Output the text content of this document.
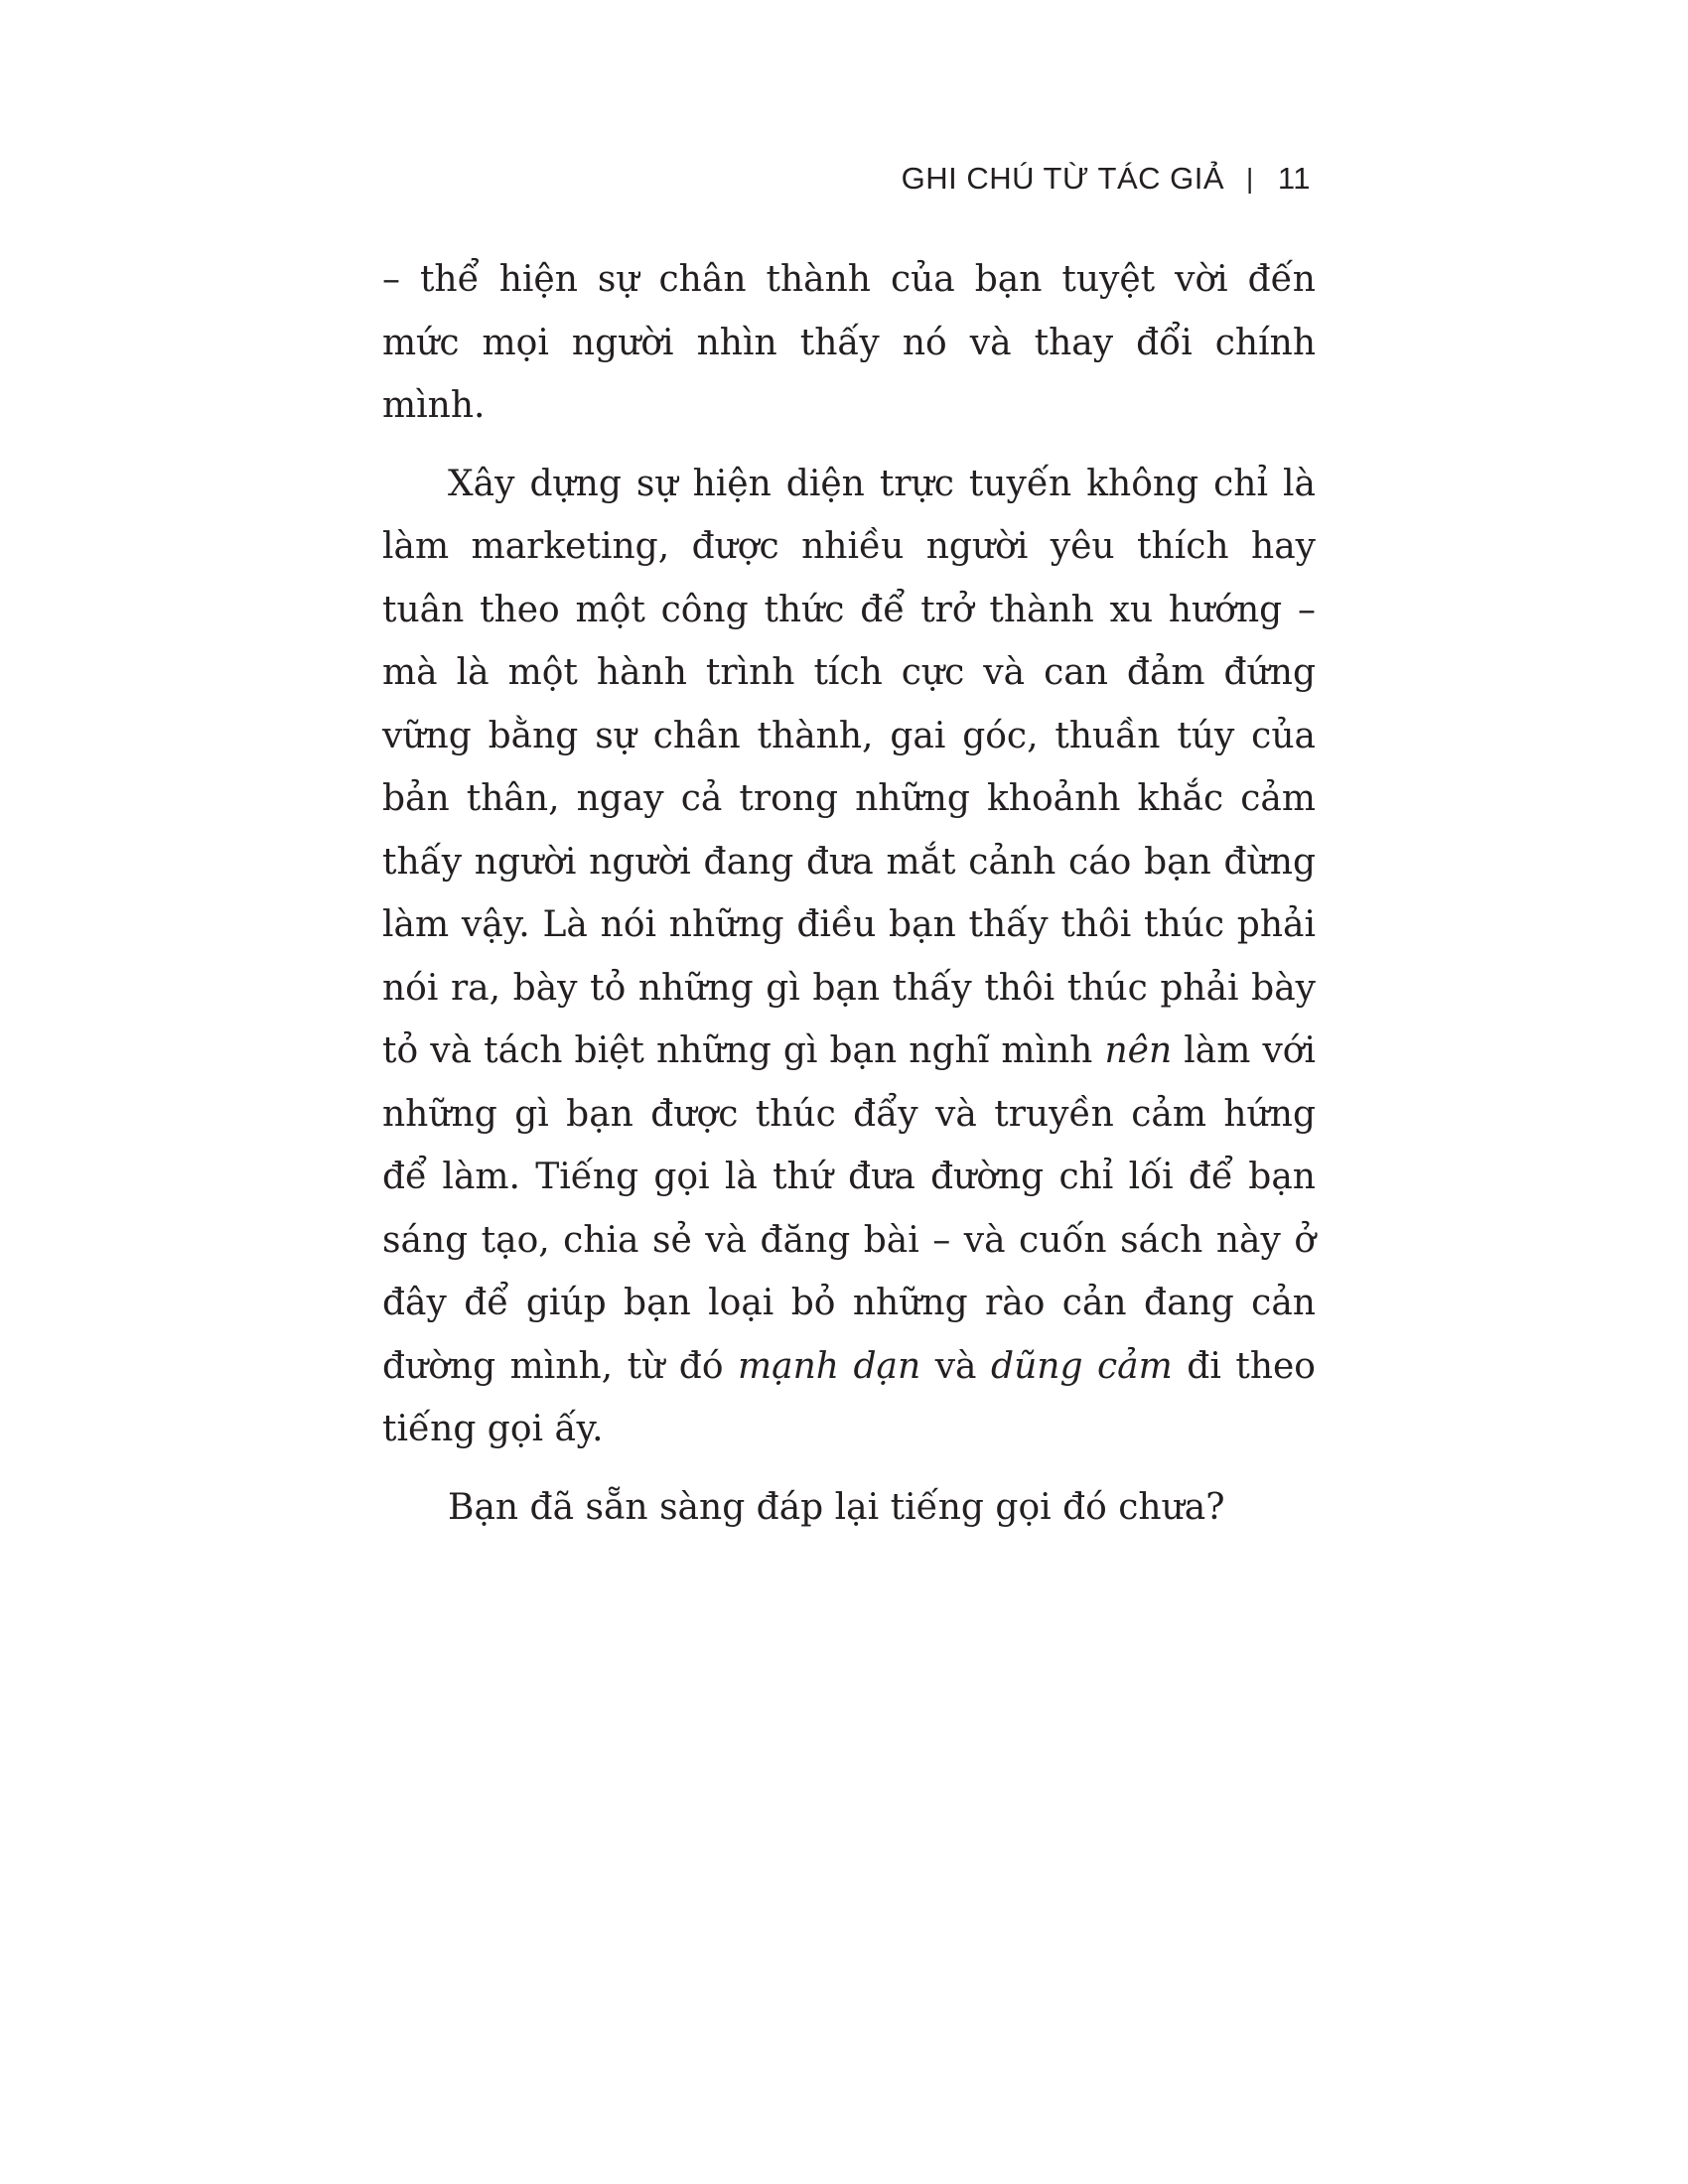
GHI CHÚ TỪ TÁC GIẢ | 11

– thể hiện sự chân thành của bạn tuyệt vời đến mức mọi người nhìn thấy nó và thay đổi chính mình.

Xây dựng sự hiện diện trực tuyến không chỉ là làm marketing, được nhiều người yêu thích hay tuân theo một công thức để trở thành xu hướng – mà là một hành trình tích cực và can đảm đứng vững bằng sự chân thành, gai góc, thuần túy của bản thân, ngay cả trong những khoảnh khắc cảm thấy người người đang đưa mắt cảnh cáo bạn đừng làm vậy. Là nói những điều bạn thấy thôi thúc phải nói ra, bày tỏ những gì bạn thấy thôi thúc phải bày tỏ và tách biệt những gì bạn nghĩ mình nên làm với những gì bạn được thúc đẩy và truyền cảm hứng để làm. Tiếng gọi là thứ đưa đường chỉ lối để bạn sáng tạo, chia sẻ và đăng bài – và cuốn sách này ở đây để giúp bạn loại bỏ những rào cản đang cản đường mình, từ đó mạnh dạn và dũng cảm đi theo tiếng gọi ấy.

Bạn đã sẵn sàng đáp lại tiếng gọi đó chưa?
